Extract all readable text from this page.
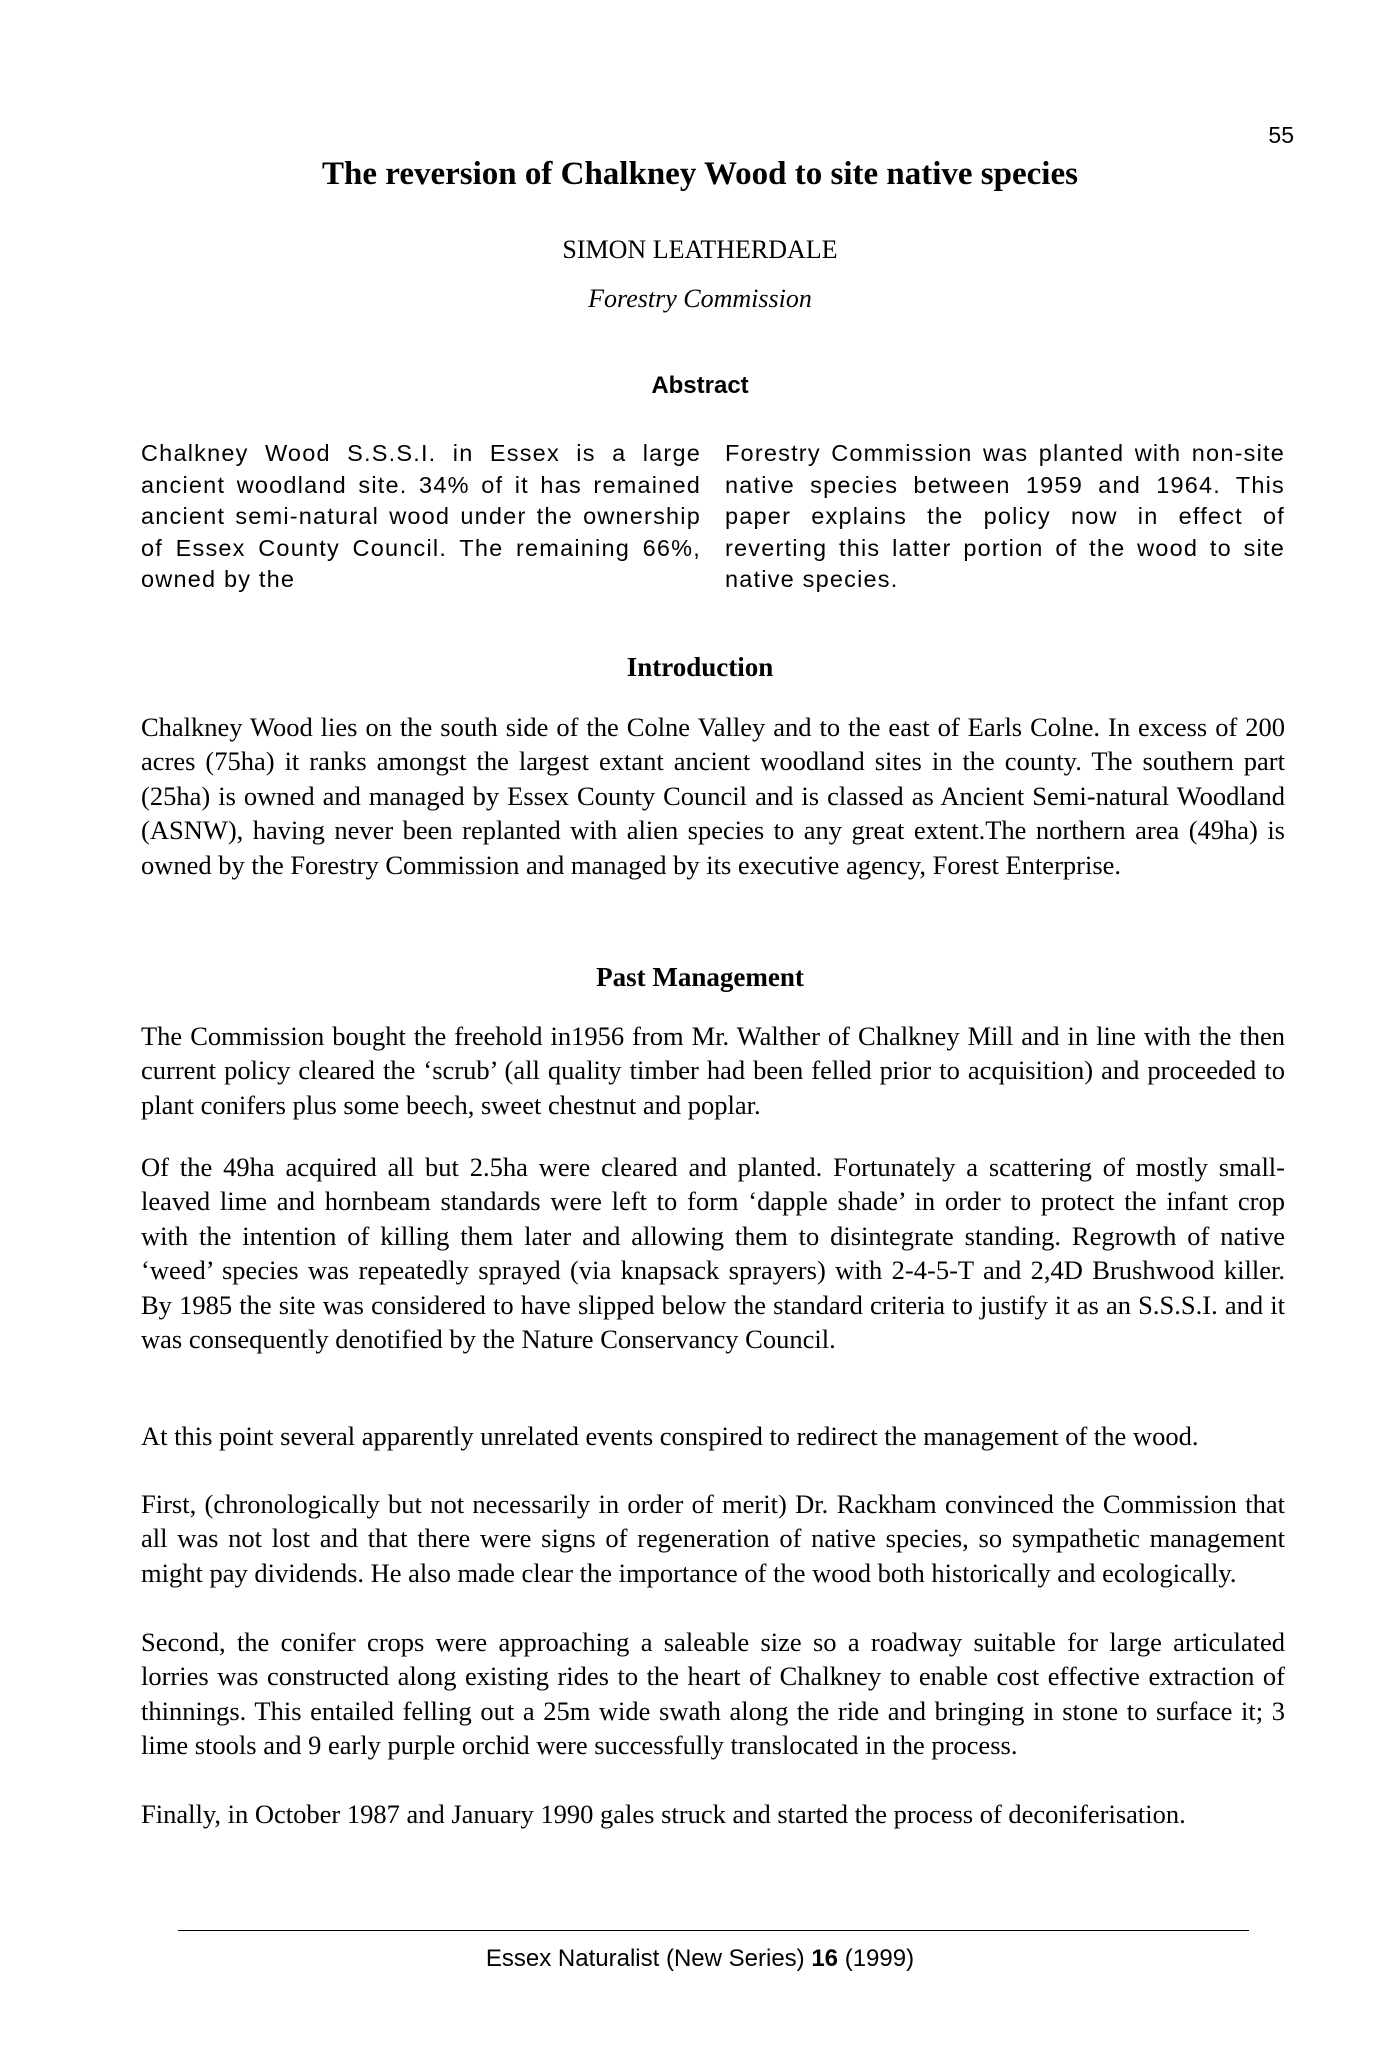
55
The reversion of Chalkney Wood to site native species
SIMON LEATHERDALE
Forestry Commission
Abstract
Chalkney Wood S.S.S.I. in Essex is a large ancient woodland site. 34% of it has remained ancient semi-natural wood under the ownership of Essex County Council. The remaining 66%, owned by the
Forestry Commission was planted with non-site native species between 1959 and 1964. This paper explains the policy now in effect of reverting this latter portion of the wood to site native species.
Introduction
Chalkney Wood lies on the south side of the Colne Valley and to the east of Earls Colne. In excess of 200 acres (75ha) it ranks amongst the largest extant ancient woodland sites in the county. The southern part (25ha) is owned and managed by Essex County Council and is classed as Ancient Semi-natural Woodland (ASNW), having never been replanted with alien species to any great extent.The northern area (49ha) is owned by the Forestry Commission and managed by its executive agency, Forest Enterprise.
Past Management
The Commission bought the freehold in1956 from Mr. Walther of Chalkney Mill and in line with the then current policy cleared the ‘scrub’ (all quality timber had been felled prior to acquisition) and proceeded to plant conifers plus some beech, sweet chestnut and poplar.
Of the 49ha acquired all but 2.5ha were cleared and planted. Fortunately a scattering of mostly small-leaved lime and hornbeam standards were left to form ‘dapple shade’ in order to protect the infant crop with the intention of killing them later and allowing them to disintegrate standing. Regrowth of native ‘weed’ species was repeatedly sprayed (via knapsack sprayers) with 2-4-5-T and 2,4D Brushwood killer. By 1985 the site was considered to have slipped below the standard criteria to justify it as an S.S.S.I. and it was consequently denotified by the Nature Conservancy Council.
At this point several apparently unrelated events conspired to redirect the management of the wood.
First, (chronologically but not necessarily in order of merit) Dr. Rackham convinced the Commission that all was not lost and that there were signs of regeneration of native species, so sympathetic management might pay dividends. He also made clear the importance of the wood both historically and ecologically.
Second, the conifer crops were approaching a saleable size so a roadway suitable for large articulated lorries was constructed along existing rides to the heart of Chalkney to enable cost effective extraction of thinnings. This entailed felling out a 25m wide swath along the ride and bringing in stone to surface it; 3 lime stools and 9 early purple orchid were successfully translocated in the process.
Finally, in October 1987 and January 1990 gales struck and started the process of deconiferisation.
Essex Naturalist (New Series) 16 (1999)
